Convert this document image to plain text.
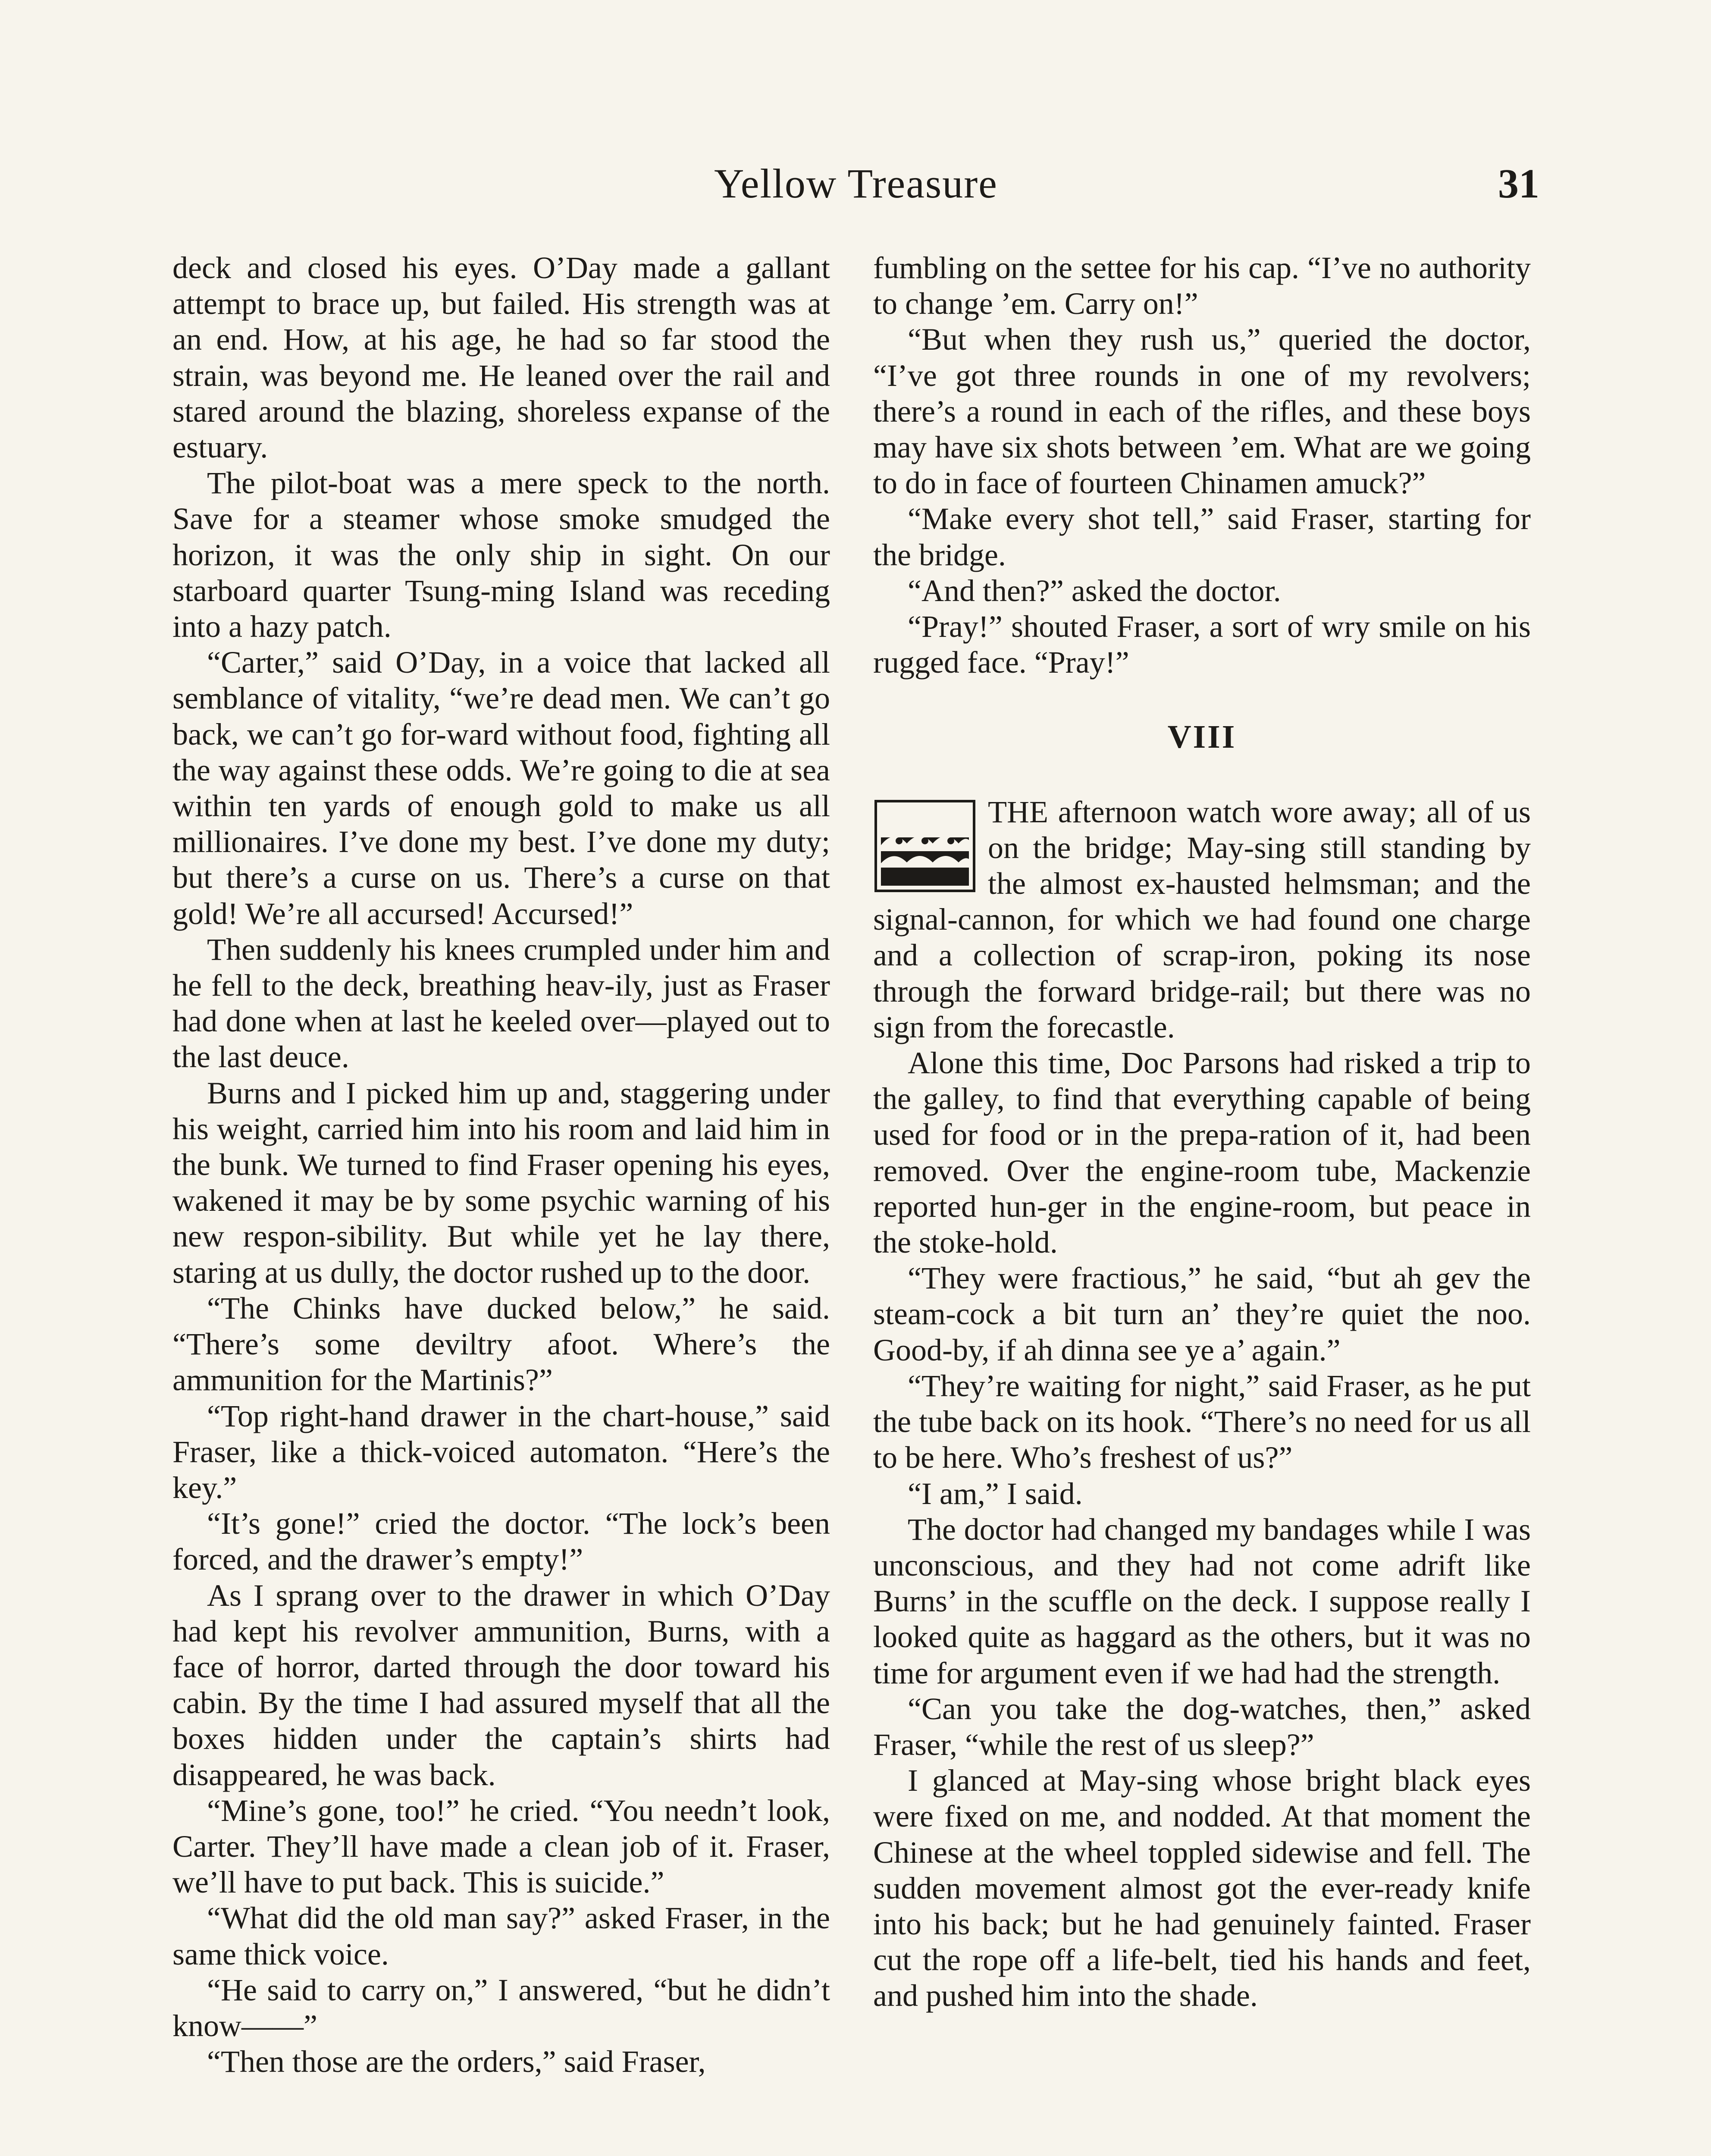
Yellow Treasure	31

deck and closed his eyes. O’Day made a gallant attempt to brace up, but failed. His strength was at an end. How, at his age, he had so far stood the strain, was beyond me. He leaned over the rail and stared around the blazing, shoreless expanse of the estuary.

The pilot-boat was a mere speck to the north. Save for a steamer whose smoke smudged the horizon, it was the only ship in sight. On our starboard quarter Tsung-ming Island was receding into a hazy patch.

“Carter,” said O’Day, in a voice that lacked all semblance of vitality, “we’re dead men. We can’t go back, we can’t go for-ward without food, fighting all the way against these odds. We’re going to die at sea within ten yards of enough gold to make us all millionaires. I’ve done my best. I’ve done my duty; but there’s a curse on us. There’s a curse on that gold! We’re all accursed! Accursed!”

Then suddenly his knees crumpled under him and he fell to the deck, breathing heav-ily, just as Fraser had done when at last he keeled over—played out to the last deuce.

Burns and I picked him up and, staggering under his weight, carried him into his room and laid him in the bunk. We turned to find Fraser opening his eyes, wakened it may be by some psychic warning of his new respon-sibility. But while yet he lay there, staring at us dully, the doctor rushed up to the door.

“The Chinks have ducked below,” he said. “There’s some deviltry afoot. Where’s the ammunition for the Martinis?”

“Top right-hand drawer in the chart-house,” said Fraser, like a thick-voiced automaton. “Here’s the key.”

“It’s gone!” cried the doctor. “The lock’s been forced, and the drawer’s empty!”

As I sprang over to the drawer in which O’Day had kept his revolver ammunition, Burns, with a face of horror, darted through the door toward his cabin. By the time I had assured myself that all the boxes hidden under the captain’s shirts had disappeared, he was back.

“Mine’s gone, too!” he cried. “You needn’t look, Carter. They’ll have made a clean job of it. Fraser, we’ll have to put back. This is suicide.”

“What did the old man say?” asked Fraser, in the same thick voice.

“He said to carry on,” I answered, “but he didn’t know——”

“Then those are the orders,” said Fraser,

fumbling on the settee for his cap. “I’ve no authority to change ’em. Carry on!”

“But when they rush us,” queried the doctor, “I’ve got three rounds in one of my revolvers; there’s a round in each of the rifles, and these boys may have six shots between ’em. What are we going to do in face of fourteen Chinamen amuck?”

“Make every shot tell,” said Fraser, starting for the bridge.

“And then?” asked the doctor.

“Pray!” shouted Fraser, a sort of wry smile on his rugged face. “Pray!”

VIII

THE afternoon watch wore away; all of us on the bridge; May-sing still standing by the almost ex-hausted helmsman; and the signal-cannon, for which we had found one charge and a collection of scrap-iron, poking its nose through the forward bridge-rail; but there was no sign from the forecastle.

Alone this time, Doc Parsons had risked a trip to the galley, to find that everything capable of being used for food or in the prepa-ration of it, had been removed. Over the engine-room tube, Mackenzie reported hun-ger in the engine-room, but peace in the stoke-hold.

“They were fractious,” he said, “but ah gev the steam-cock a bit turn an’ they’re quiet the noo. Good-by, if ah dinna see ye a’ again.”

“They’re waiting for night,” said Fraser, as he put the tube back on its hook. “There’s no need for us all to be here. Who’s freshest of us?”

“I am,” I said.

The doctor had changed my bandages while I was unconscious, and they had not come adrift like Burns’ in the scuffle on the deck. I suppose really I looked quite as haggard as the others, but it was no time for argument even if we had had the strength.

“Can you take the dog-watches, then,” asked Fraser, “while the rest of us sleep?”

I glanced at May-sing whose bright black eyes were fixed on me, and nodded. At that moment the Chinese at the wheel toppled sidewise and fell. The sudden movement almost got the ever-ready knife into his back; but he had genuinely fainted. Fraser cut the rope off a life-belt, tied his hands and feet, and pushed him into the shade.
